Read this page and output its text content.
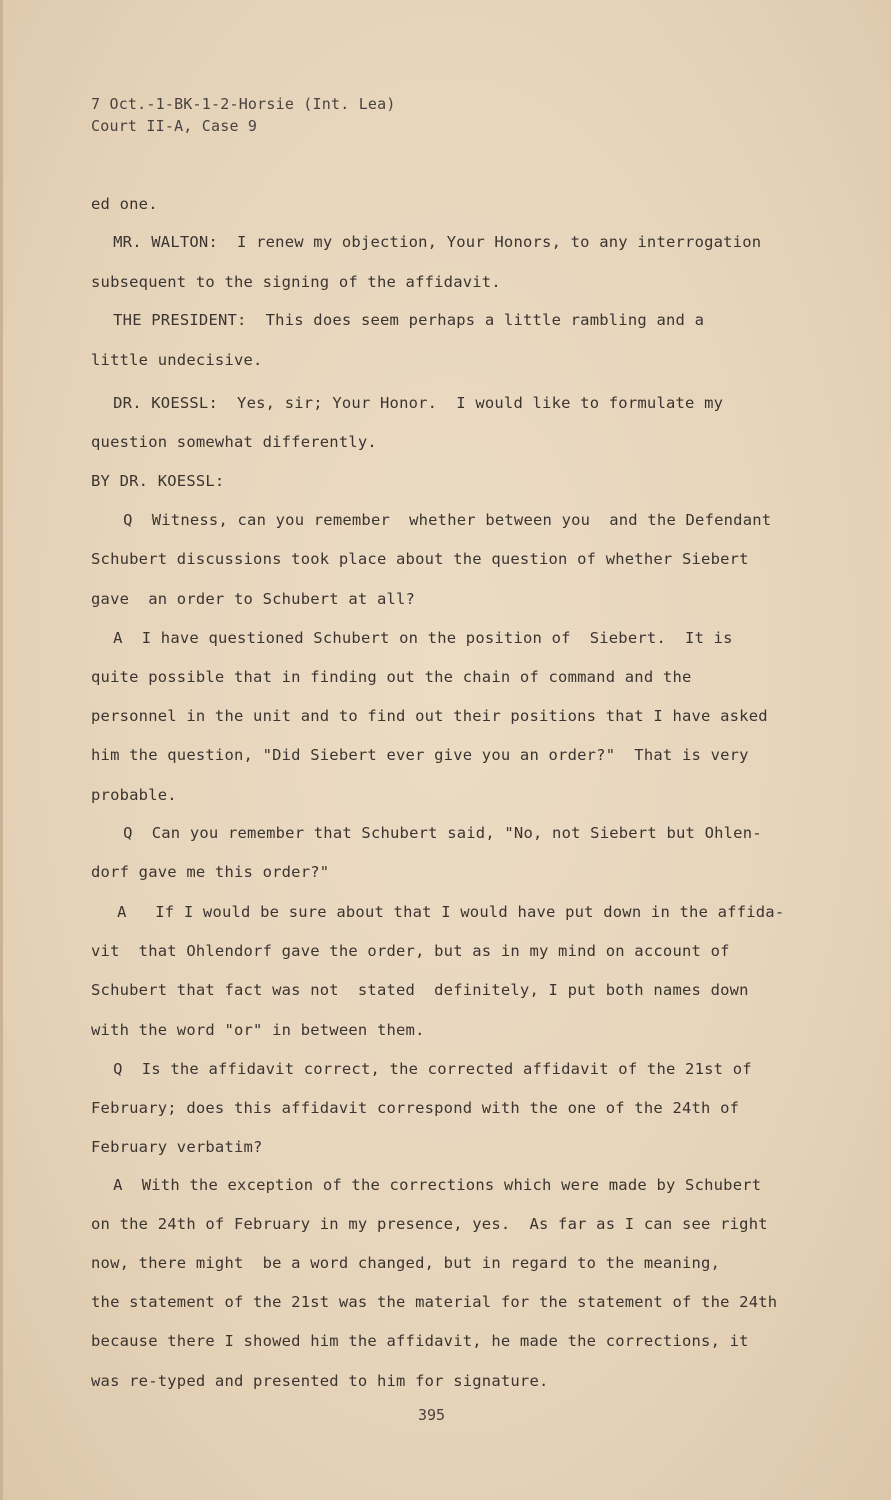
7 Oct.-1-BK-1-2-Horsie (Int. Lea)
Court II-A, Case 9
ed one.
MR. WALTON:  I renew my objection, Your Honors, to any interrogation
subsequent to the signing of the affidavit.
THE PRESIDENT:  This does seem perhaps a little rambling and a
little undecisive.
DR. KOESSL:  Yes, sir; Your Honor.  I would like to formulate my
question somewhat differently.
BY DR. KOESSL:
Q  Witness, can you remember  whether between you  and the Defendant
Schubert discussions took place about the question of whether Siebert
gave  an order to Schubert at all?
A  I have questioned Schubert on the position of  Siebert.  It is
quite possible that in finding out the chain of command and the
personnel in the unit and to find out their positions that I have asked
him the question, "Did Siebert ever give you an order?"  That is very
probable.
Q  Can you remember that Schubert said, "No, not Siebert but Ohlen-
dorf gave me this order?"
A   If I would be sure about that I would have put down in the affida-
vit  that Ohlendorf gave the order, but as in my mind on account of
Schubert that fact was not  stated  definitely, I put both names down
with the word "or" in between them.
Q  Is the affidavit correct, the corrected affidavit of the 21st of
February; does this affidavit correspond with the one of the 24th of
February verbatim?
A  With the exception of the corrections which were made by Schubert
on the 24th of February in my presence, yes.  As far as I can see right
now, there might  be a word changed, but in regard to the meaning,
the statement of the 21st was the material for the statement of the 24th
because there I showed him the affidavit, he made the corrections, it
was re-typed and presented to him for signature.
395
